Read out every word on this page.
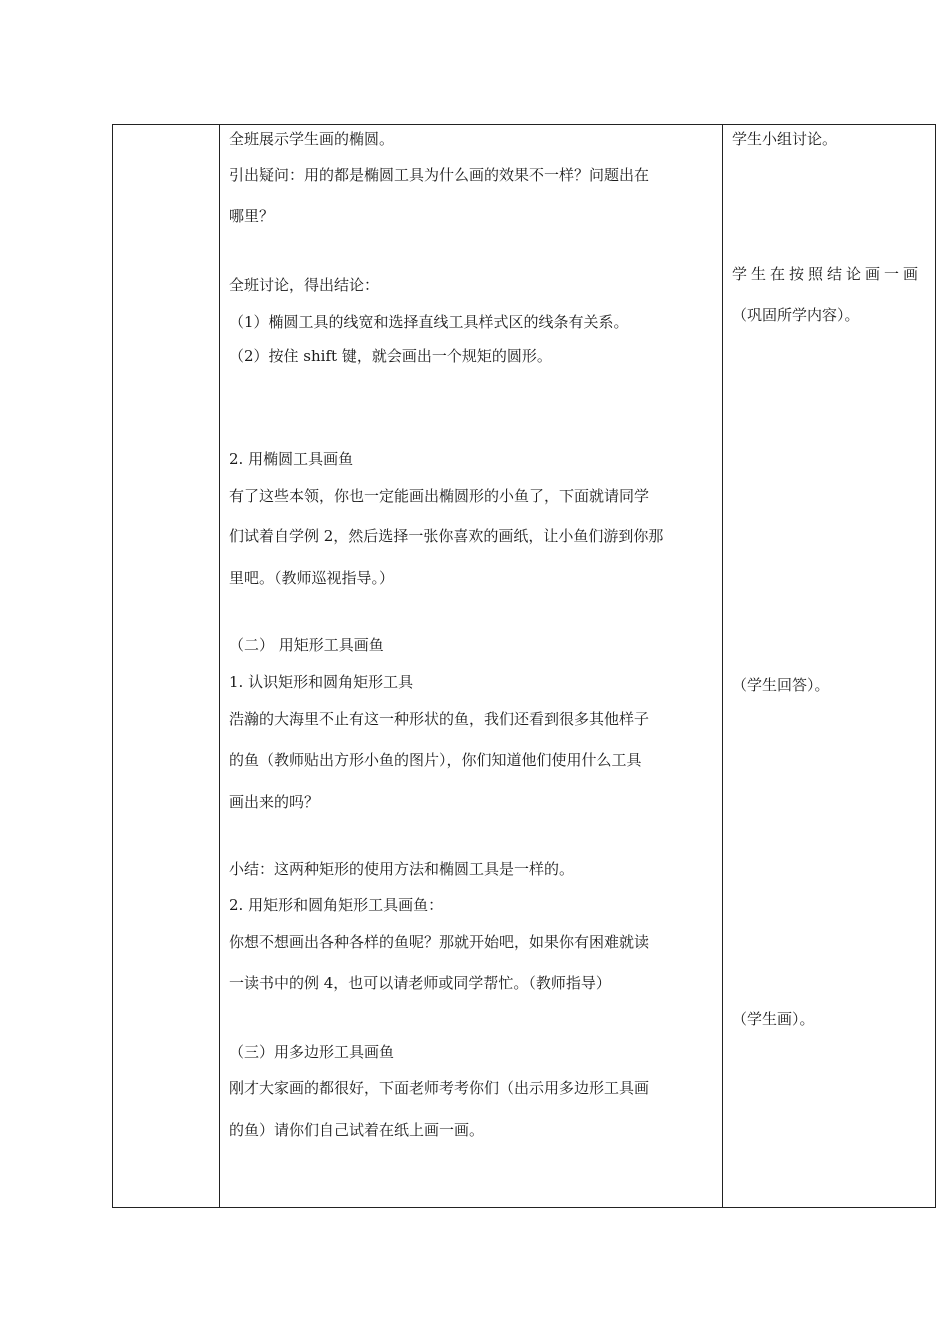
全班展示学生画的椭圆。
引出疑问：用的都是椭圆工具为什么画的效果不一样？问题出在
哪里？
全班讨论，得出结论：
（1）椭圆工具的线宽和选择直线工具样式区的线条有关系。
（2）按住 shift 键，就会画出一个规矩的圆形。
2. 用椭圆工具画鱼
有了这些本领，你也一定能画出椭圆形的小鱼了，下面就请同学
们试着自学例 2，然后选择一张你喜欢的画纸，让小鱼们游到你那
里吧。（教师巡视指导。）
（二） 用矩形工具画鱼
1. 认识矩形和圆角矩形工具
浩瀚的大海里不止有这一种形状的鱼，我们还看到很多其他样子
的鱼（教师贴出方形小鱼的图片），你们知道他们使用什么工具
画出来的吗？
小结：这两种矩形的使用方法和椭圆工具是一样的。
2. 用矩形和圆角矩形工具画鱼：
你想不想画出各种各样的鱼呢？那就开始吧，如果你有困难就读
一读书中的例 4，也可以请老师或同学帮忙。（教师指导）
（三）用多边形工具画鱼
刚才大家画的都很好，下面老师考考你们（出示用多边形工具画
的鱼）请你们自己试着在纸上画一画。
学生小组讨论。
学生在按照结论画一画
（巩固所学内容）。
（学生回答）。
（学生画）。
